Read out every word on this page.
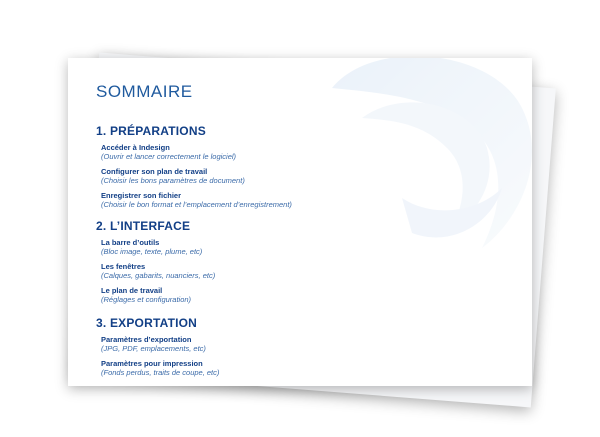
SOMMAIRE
1. PRÉPARATIONS
Accéder à Indesign
(Ouvrir et lancer correctement le logiciel)
Configurer son plan de travail
(Choisir les bons paramètres de document)
Enregistrer son fichier
(Choisir le bon format et l’emplacement d’enregistrement)
2. L’INTERFACE
La barre d’outils
(Bloc image, texte, plume, etc)
Les fenêtres
(Calques, gabarits, nuanciers, etc)
Le plan de travail
(Réglages et configuration)
3. EXPORTATION
Paramètres d’exportation
(JPG, PDF, emplacements, etc)
Paramètres pour impression
(Fonds perdus, traits de coupe, etc)
